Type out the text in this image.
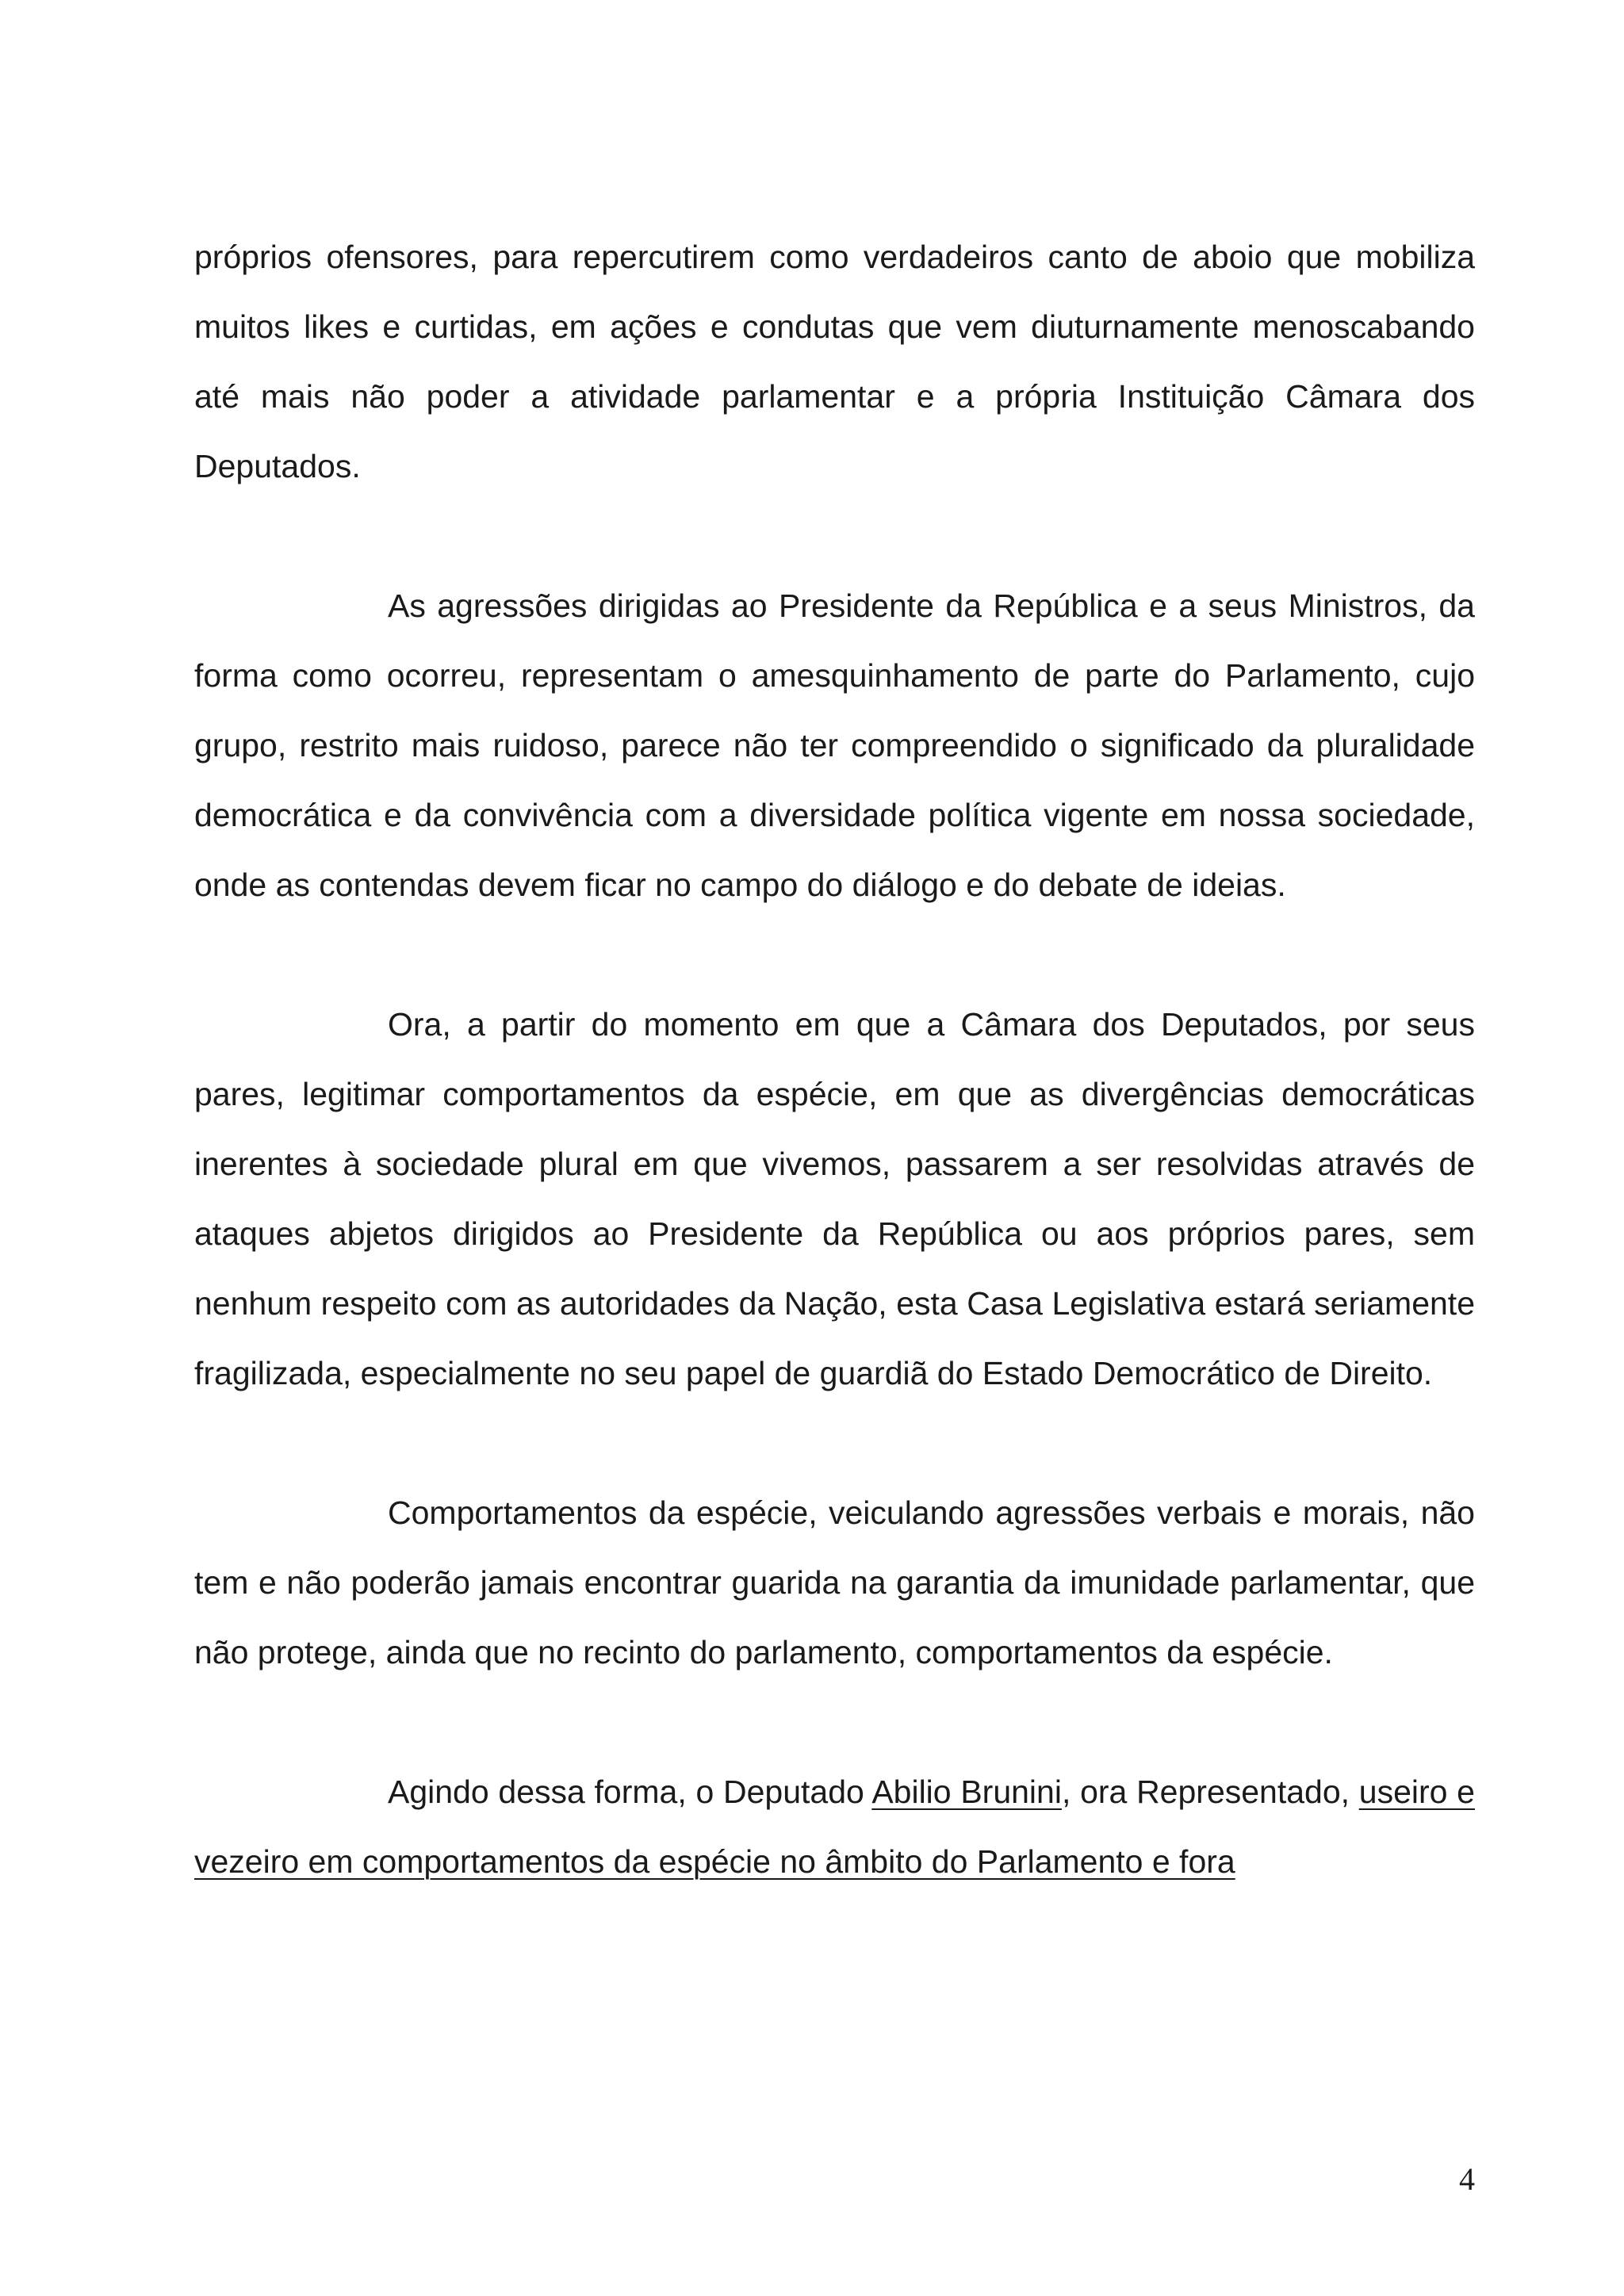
próprios ofensores, para repercutirem como verdadeiros canto de aboio que mobiliza muitos likes e curtidas, em ações e condutas que vem diuturnamente menoscabando até mais não poder a atividade parlamentar e a própria Instituição Câmara dos Deputados.

As agressões dirigidas ao Presidente da República e a seus Ministros, da forma como ocorreu, representam o amesquinhamento de parte do Parlamento, cujo grupo, restrito mais ruidoso, parece não ter compreendido o significado da pluralidade democrática e da convivência com a diversidade política vigente em nossa sociedade, onde as contendas devem ficar no campo do diálogo e do debate de ideias.

Ora, a partir do momento em que a Câmara dos Deputados, por seus pares, legitimar comportamentos da espécie, em que as divergências democráticas inerentes à sociedade plural em que vivemos, passarem a ser resolvidas através de ataques abjetos dirigidos ao Presidente da República ou aos próprios pares, sem nenhum respeito com as autoridades da Nação, esta Casa Legislativa estará seriamente fragilizada, especialmente no seu papel de guardiã do Estado Democrático de Direito.

Comportamentos da espécie, veiculando agressões verbais e morais, não tem e não poderão jamais encontrar guarida na garantia da imunidade parlamentar, que não protege, ainda que no recinto do parlamento, comportamentos da espécie.

Agindo dessa forma, o Deputado Abilio Brunini, ora Representado, useiro e vezeiro em comportamentos da espécie no âmbito do Parlamento e fora

4
